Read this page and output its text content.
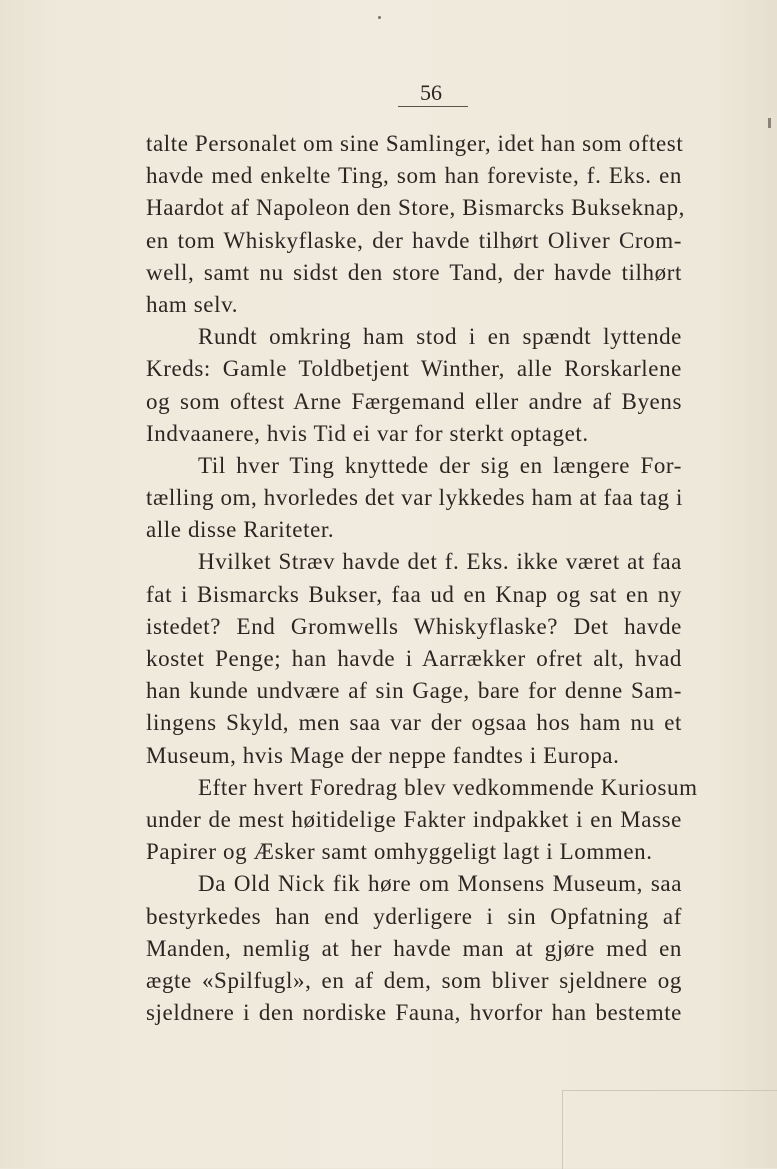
56
talte Personalet om sine Samlinger, idet han som oftest
havde med enkelte Ting, som han foreviste, f. Eks. en
Haardot af Napoleon den Store, Bismarcks Bukseknap,
en tom Whiskyflaske, der havde tilhørt Oliver Crom-
well, samt nu sidst den store Tand, der havde tilhørt
ham selv.
Rundt omkring ham stod i en spændt lyttende
Kreds: Gamle Toldbetjent Winther, alle Rorskarlene
og som oftest Arne Færgemand eller andre af Byens
Indvaanere, hvis Tid ei var for sterkt optaget.
Til hver Ting knyttede der sig en længere For-
tælling om, hvorledes det var lykkedes ham at faa tag i
alle disse Rariteter.
Hvilket Stræv havde det f. Eks. ikke været at faa
fat i Bismarcks Bukser, faa ud en Knap og sat en ny
istedet? End Gromwells Whiskyflaske? Det havde
kostet Penge; han havde i Aarrækker ofret alt, hvad
han kunde undvære af sin Gage, bare for denne Sam-
lingens Skyld, men saa var der ogsaa hos ham nu et
Museum, hvis Mage der neppe fandtes i Europa.
Efter hvert Foredrag blev vedkommende Kuriosum
under de mest høitidelige Fakter indpakket i en Masse
Papirer og Æsker samt omhyggeligt lagt i Lommen.
Da Old Nick fik høre om Monsens Museum, saa
bestyrkedes han end yderligere i sin Opfatning af
Manden, nemlig at her havde man at gjøre med en
ægte «Spilfugl», en af dem, som bliver sjeldnere og
sjeldnere i den nordiske Fauna, hvorfor han bestemte
